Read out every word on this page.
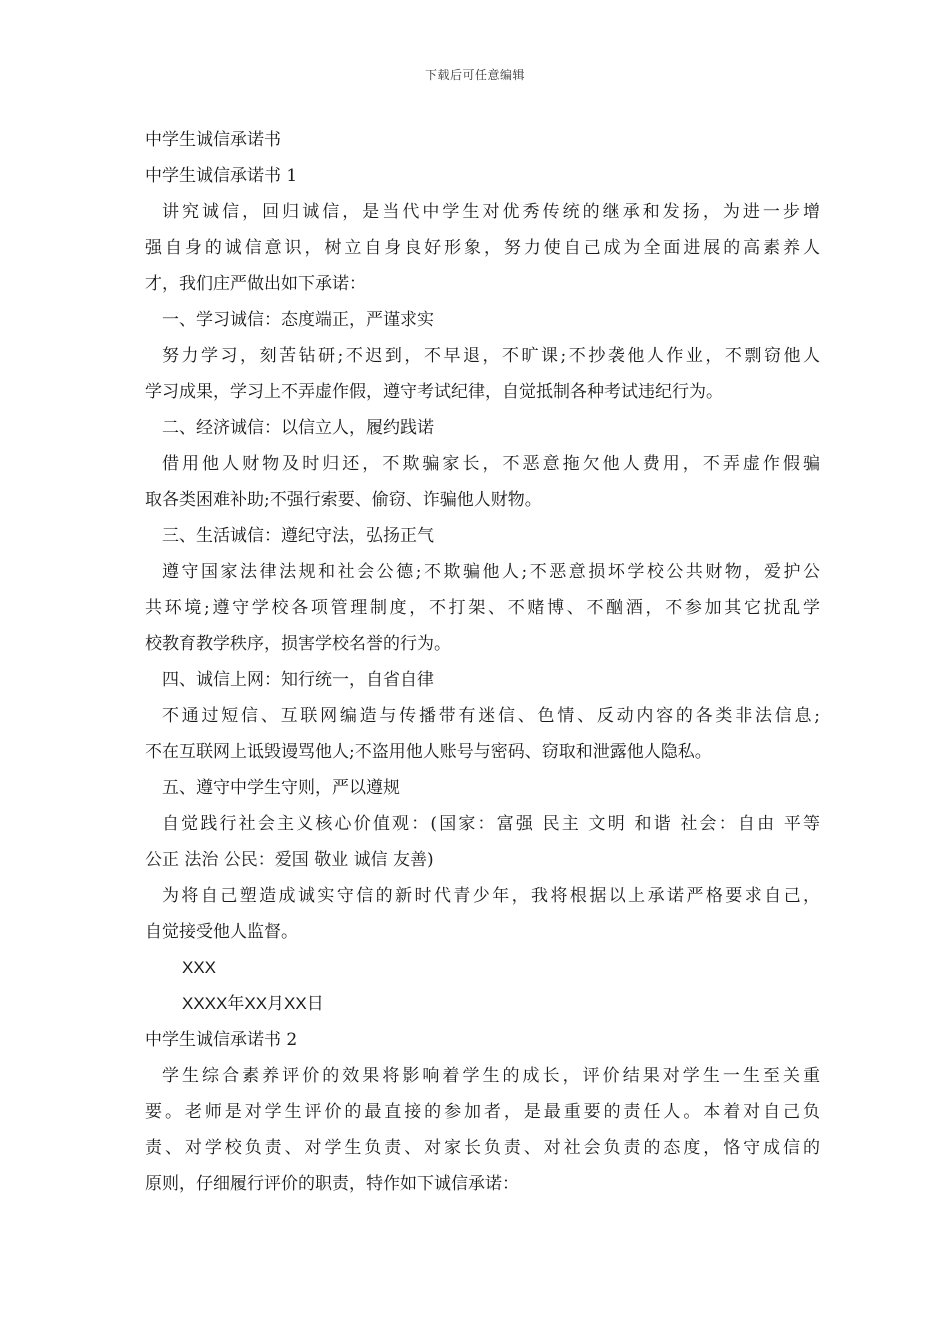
下载后可任意编辑
中学生诚信承诺书
中学生诚信承诺书 1
讲究诚信，回归诚信，是当代中学生对优秀传统的继承和发扬，为进一步增
强自身的诚信意识，树立自身良好形象，努力使自己成为全面进展的高素养人
才，我们庄严做出如下承诺：
一、学习诚信：态度端正，严谨求实
努力学习，刻苦钻研;不迟到，不早退，不旷课;不抄袭他人作业，不剽窃他人
学习成果，学习上不弄虚作假，遵守考试纪律，自觉抵制各种考试违纪行为。
二、经济诚信：以信立人，履约践诺
借用他人财物及时归还，不欺骗家长，不恶意拖欠他人费用，不弄虚作假骗
取各类困难补助;不强行索要、偷窃、诈骗他人财物。
三、生活诚信：遵纪守法，弘扬正气
遵守国家法律法规和社会公德;不欺骗他人;不恶意损坏学校公共财物，爱护公
共环境;遵守学校各项管理制度，不打架、不赌博、不酗酒，不参加其它扰乱学
校教育教学秩序，损害学校名誉的行为。
四、诚信上网：知行统一，自省自律
不通过短信、互联网编造与传播带有迷信、色情、反动内容的各类非法信息;
不在互联网上诋毁谩骂他人;不盗用他人账号与密码、窃取和泄露他人隐私。
五、遵守中学生守则，严以遵规
自觉践行社会主义核心价值观：(国家：富强 民主 文明 和谐 社会：自由 平等
公正 法治 公民：爱国 敬业 诚信 友善)
为将自己塑造成诚实守信的新时代青少年，我将根据以上承诺严格要求自己，
自觉接受他人监督。
XXX
XXXX年XX月XX日
中学生诚信承诺书 2
学生综合素养评价的效果将影响着学生的成长，评价结果对学生一生至关重
要。老师是对学生评价的最直接的参加者，是最重要的责任人。本着对自己负
责、对学校负责、对学生负责、对家长负责、对社会负责的态度，恪守成信的
原则，仔细履行评价的职责，特作如下诚信承诺：
